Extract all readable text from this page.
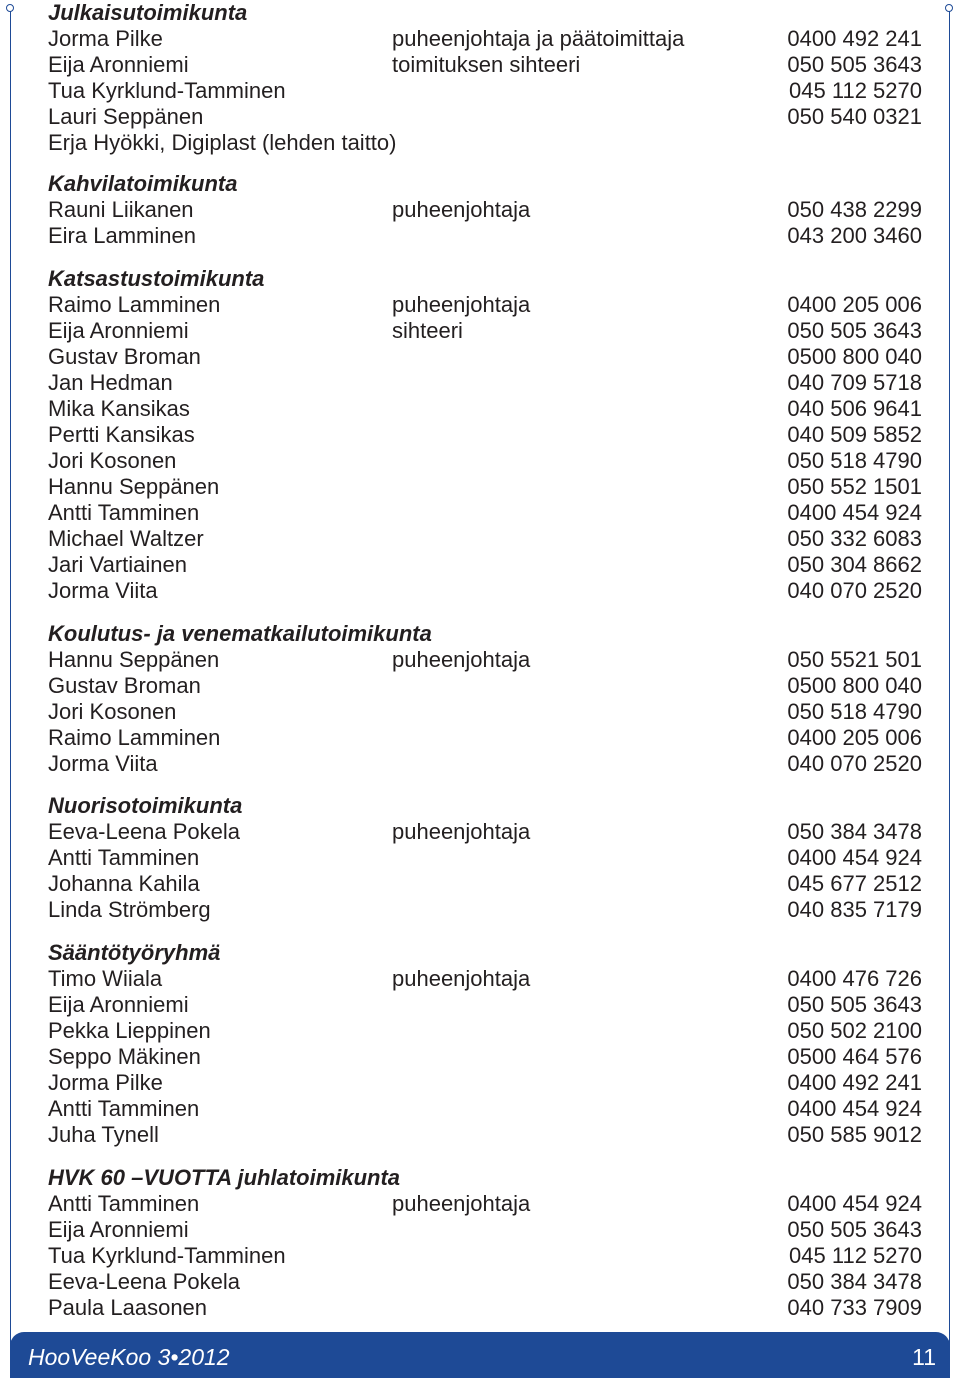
Julkaisutoimikunta
Jorma Pilke	puheenjohtaja ja päätoimittaja	0400 492 241
Eija Aronniemi	toimituksen sihteeri	050 505 3643
Tua Kyrklund-Tamminen	045 112 5270
Lauri Seppänen	050 540 0321
Erja Hyökki, Digiplast (lehden taitto)
Kahvilatoimikunta
Rauni Liikanen	puheenjohtaja	050 438 2299
Eira Lamminen	043 200 3460
Katsastustoimikunta
Raimo Lamminen	puheenjohtaja	0400 205 006
Eija Aronniemi	sihteeri	050 505 3643
Gustav Broman	0500 800 040
Jan Hedman	040 709 5718
Mika Kansikas	040 506 9641
Pertti Kansikas	040 509 5852
Jori Kosonen	050 518 4790
Hannu Seppänen	050 552 1501
Antti Tamminen	0400 454 924
Michael Waltzer	050 332 6083
Jari Vartiainen	050 304 8662
Jorma Viita	040 070 2520
Koulutus- ja venematkailutoimikunta
Hannu Seppänen	puheenjohtaja	050 5521 501
Gustav Broman	0500 800 040
Jori Kosonen	050 518 4790
Raimo Lamminen	0400 205 006
Jorma Viita	040 070 2520
Nuorisotoimikunta
Eeva-Leena Pokela	puheenjohtaja	050 384 3478
Antti Tamminen	0400 454 924
Johanna Kahila	045 677 2512
Linda Strömberg	040 835 7179
Sääntötyöryhmä
Timo Wiiala	puheenjohtaja	0400 476 726
Eija Aronniemi	050 505 3643
Pekka Lieppinen	050 502 2100
Seppo Mäkinen	0500 464 576
Jorma Pilke	0400 492 241
Antti Tamminen	0400 454 924
Juha Tynell	050 585 9012
HVK 60 –VUOTTA juhlatoimikunta
Antti Tamminen	puheenjohtaja	0400 454 924
Eija Aronniemi	050 505 3643
Tua Kyrklund-Tamminen	045 112 5270
Eeva-Leena Pokela	050 384 3478
Paula Laasonen	040 733 7909
HooVeeKoo 3•2012	11
